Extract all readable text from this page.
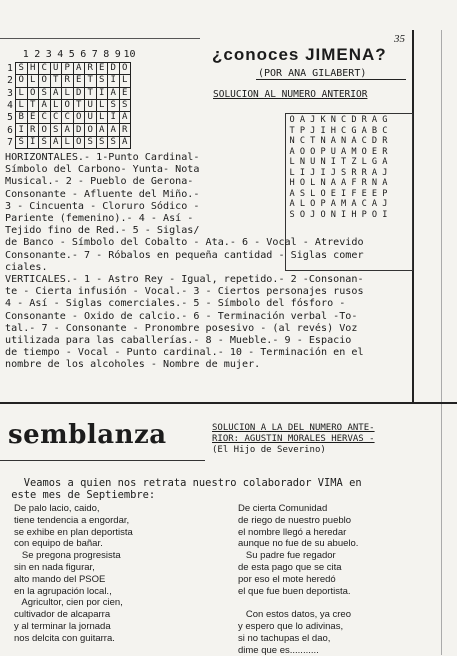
35
1 2 3 4 5 6 7 8 9 10
1	S	H	C	U	P	A	R	E	D	O
2	O	L	O	T	R	E	T	S	I	L
3	L	O	S	A	L	D	T	I	A	E
4	L	T	A	L	O	T	U	L	S	S
5	B	E	C	C	C	O	U	L	I	A
6	I	R	O	S	A	D	O	A	A	R
7	S	I	S	A	L	O	S	S	S	A
¿conoces JIMENA?
(POR ANA GILABERT)
SOLUCION AL NUMERO ANTERIOR
O	A	J	K	N	C	D	R	A	G
T	P	J	I	H	C	G	A	B	C
N	C	T	N	A	N	A	C	D	R
A	O	O	P	U	A	M	O	E	R
L	N	U	N	I	T	Z	L	G	A
L	I	J	I	J	S	R	R	A	J
H	O	L	N	A	A	F	R	N	A
A	S	L	O	E	I	F	E	E	P
A	L	O	P	A	M	A	C	A	J
S	O	J	O	N	I	H	P	O	I
HORIZONTALES.- 1-Punto Cardinal-
Símbolo del Carbono- Yunta- Nota
Musical.- 2 - Pueblo de Gerona-
Consonante - Afluente del Miño.-
3 - Cincuenta - Cloruro Sódico -
Pariente (femenino).- 4 - Así -
Tejido fino de Red.- 5 - Siglas/
de Banco - Símbolo del Cobalto - Ata.- 6 - Vocal - Atrevido
Consonante.- 7 - Róbalos en pequeña cantidad - Siglas comer
ciales.
VERTICALES.- 1 - Astro Rey - Igual, repetido.- 2 -Consonan-
te - Cierta infusión - Vocal.- 3 - Ciertos personajes rusos
4 - Así - Siglas comerciales.- 5 - Símbolo del fósforo -
Consonante - Oxido de calcio.- 6 - Terminación verbal -To-
tal.- 7 - Consonante - Pronombre posesivo - (al revés) Voz
utilizada para las caballerías.- 8 - Mueble.- 9 - Espacio
de tiempo - Vocal - Punto cardinal.- 10 - Terminación en el
nombre de los alcoholes - Nombre de mujer.
semblanza	SOLUCION A LA DEL NUMERO ANTE-
RIOR: AGUSTIN MORALES HERVAS -
(El Hijo de Severino)
Veamos a quien nos retrata nuestro colaborador VIMA en
este mes de Septiembre:
De palo lacio, caido,
tiene tendencia a engordar,
se exhibe en plan deportista
con equipo de bañar.
Se pregona progresista
sin en nada figurar,
alto mando del PSOE
en la agrupación local.,
Agricultor, cien por cien,
cultivador de alcaparra
y al terminar la jornada
nos delcita con guitarra.
De cierta Comunidad
de riego de nuestro pueblo
el nombre llegó a heredar
aunque no fue de su abuelo.
Su padre fue regador
de esta pago que se cita
por eso el mote heredó
el que fue buen deportista.

Con estos datos, ya creo
y espero que lo adivinas,
si no tachupas el dao,
dime que es...........
